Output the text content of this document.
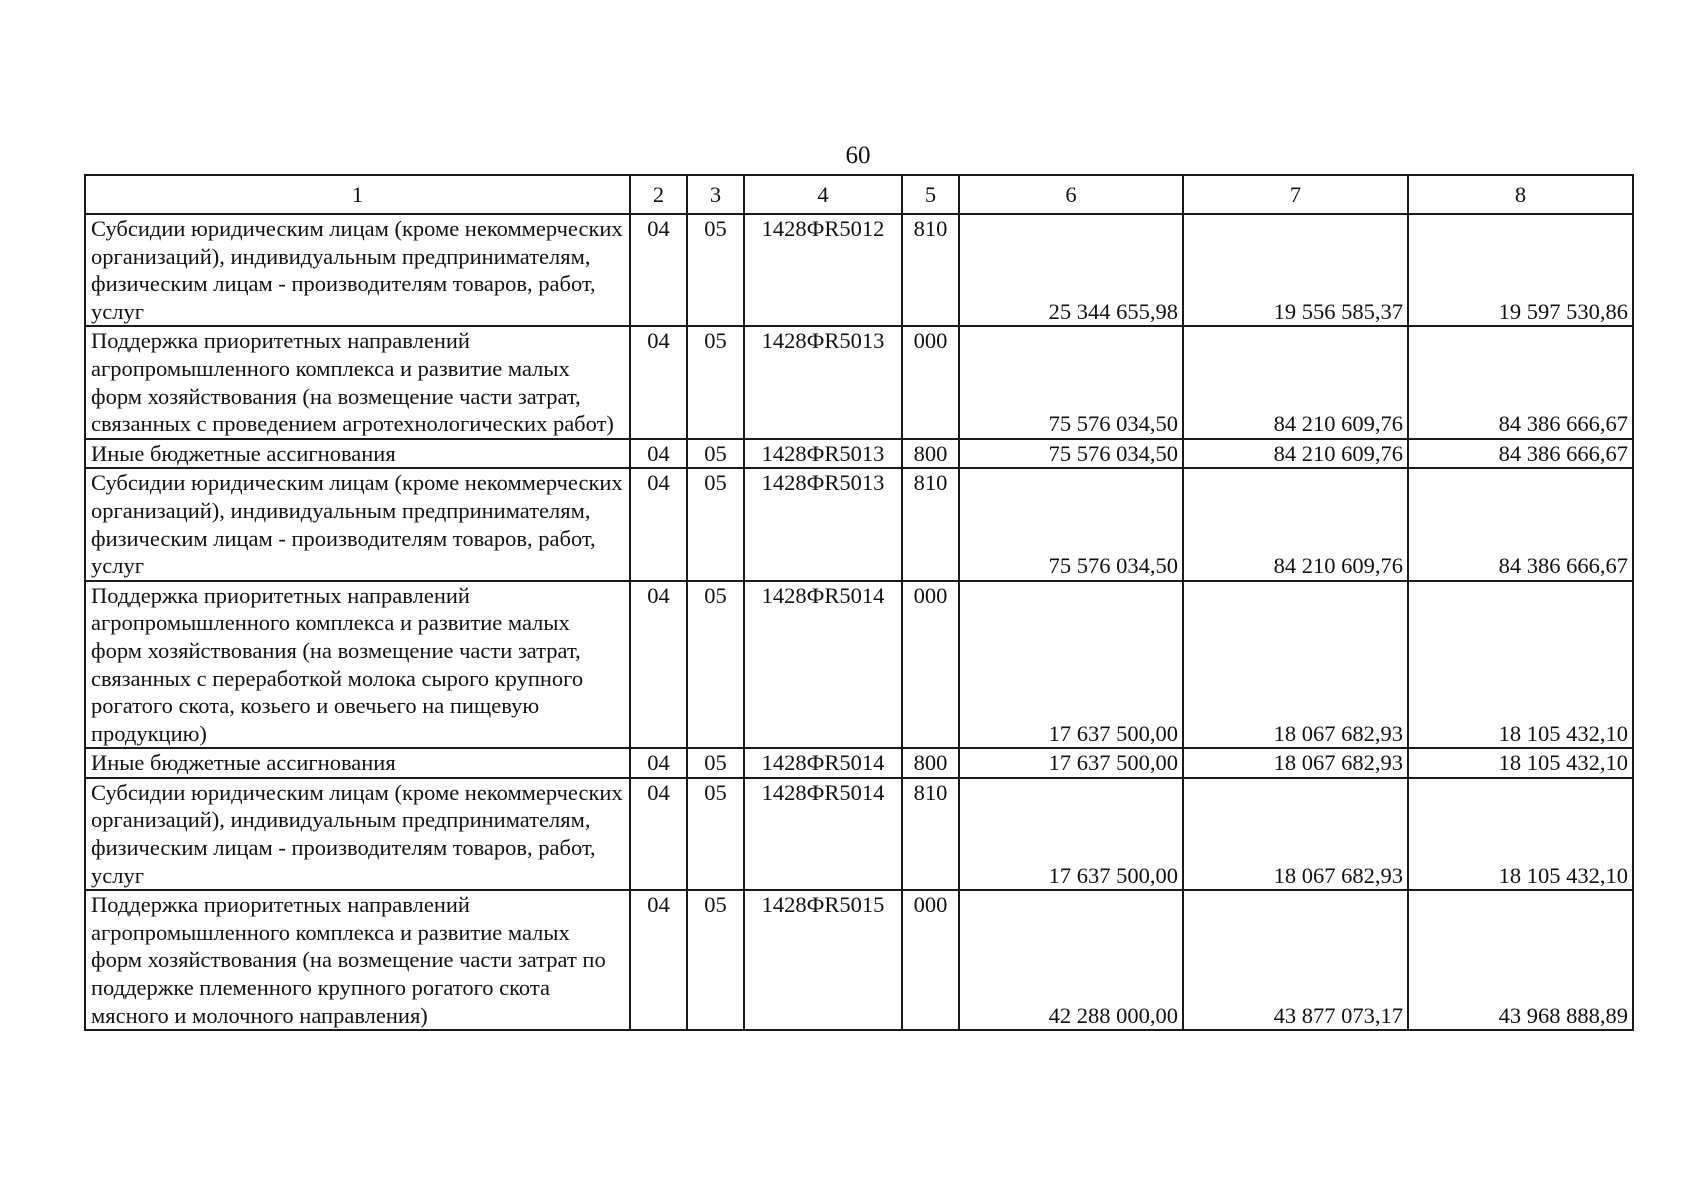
60
1	2	3	4	5	6	7	8
Субсидии юридическим лицам (кроме некоммерческих организаций), индивидуальным предпринимателям, физическим лицам - производителям товаров, работ, услуг	04	05	1428ФR5012	810	25 344 655,98	19 556 585,37	19 597 530,86
Поддержка приоритетных направлений агропромышленного комплекса и развитие малых форм хозяйствования (на возмещение части затрат, связанных с проведением агротехнологических работ)	04	05	1428ФR5013	000	75 576 034,50	84 210 609,76	84 386 666,67
Иные бюджетные ассигнования	04	05	1428ФR5013	800	75 576 034,50	84 210 609,76	84 386 666,67
Субсидии юридическим лицам (кроме некоммерческих организаций), индивидуальным предпринимателям, физическим лицам - производителям товаров, работ, услуг	04	05	1428ФR5013	810	75 576 034,50	84 210 609,76	84 386 666,67
Поддержка приоритетных направлений агропромышленного комплекса и развитие малых форм хозяйствования (на возмещение части затрат, связанных с переработкой молока сырого крупного рогатого скота, козьего и овечьего на пищевую продукцию)	04	05	1428ФR5014	000	17 637 500,00	18 067 682,93	18 105 432,10
Иные бюджетные ассигнования	04	05	1428ФR5014	800	17 637 500,00	18 067 682,93	18 105 432,10
Субсидии юридическим лицам (кроме некоммерческих организаций), индивидуальным предпринимателям, физическим лицам - производителям товаров, работ, услуг	04	05	1428ФR5014	810	17 637 500,00	18 067 682,93	18 105 432,10
Поддержка приоритетных направлений агропромышленного комплекса и развитие малых форм хозяйствования (на возмещение части затрат по поддержке племенного крупного рогатого скота мясного и молочного направления)	04	05	1428ФR5015	000	42 288 000,00	43 877 073,17	43 968 888,89
